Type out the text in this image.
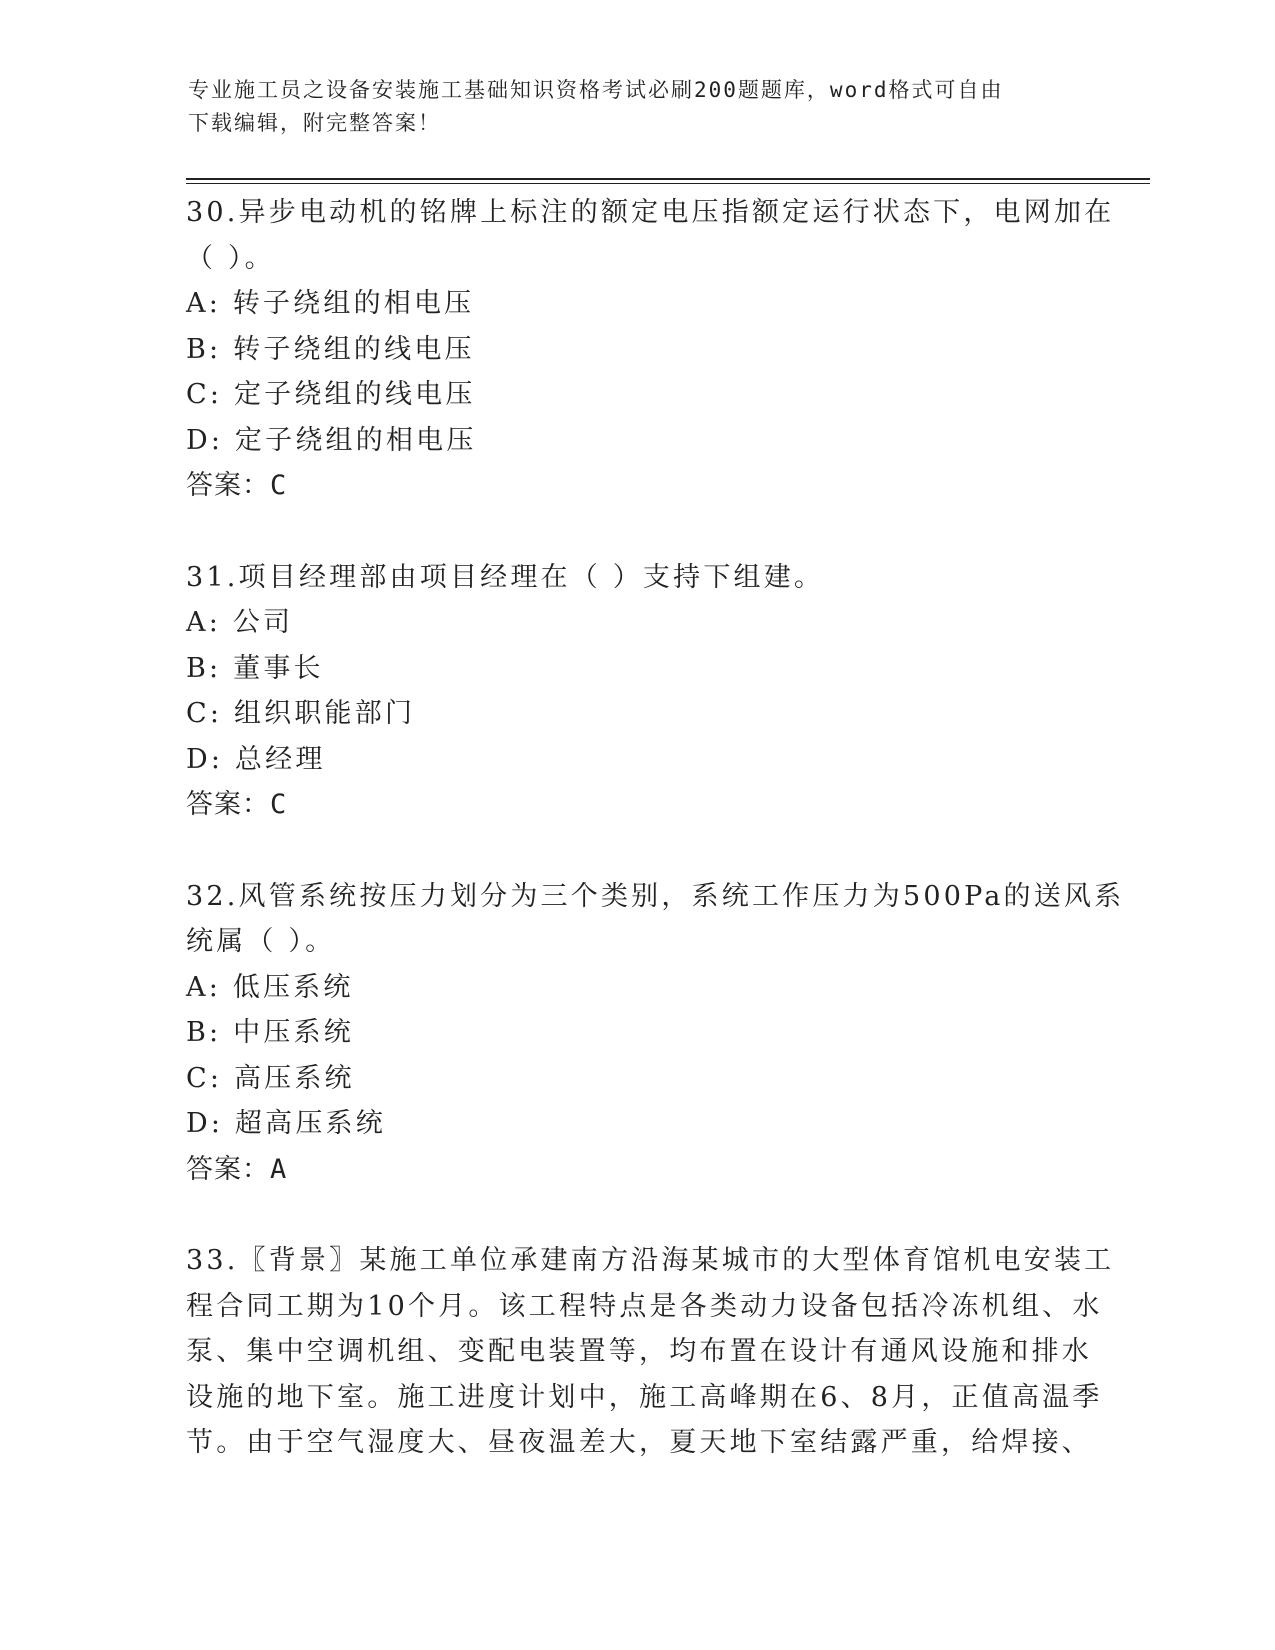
专业施工员之设备安装施工基础知识资格考试必刷200题题库，word格式可自由
下载编辑，附完整答案！
30.异步电动机的铭牌上标注的额定电压指额定运行状态下，电网加在
（ ）。
A: 转子绕组的相电压
B: 转子绕组的线电压
C: 定子绕组的线电压
D: 定子绕组的相电压
答案：C
31.项目经理部由项目经理在（ ）支持下组建。
A: 公司
B: 董事长
C: 组织职能部门
D: 总经理
答案：C
32.风管系统按压力划分为三个类别，系统工作压力为500Pa的送风系
统属（ ）。
A: 低压系统
B: 中压系统
C: 高压系统
D: 超高压系统
答案：A
33.〖背景〗某施工单位承建南方沿海某城市的大型体育馆机电安装工
程合同工期为10个月。该工程特点是各类动力设备包括冷冻机组、水
泵、集中空调机组、变配电装置等，均布置在设计有通风设施和排水
设施的地下室。施工进度计划中，施工高峰期在6、8月，正值高温季
节。由于空气湿度大、昼夜温差大，夏天地下室结露严重，给焊接、
